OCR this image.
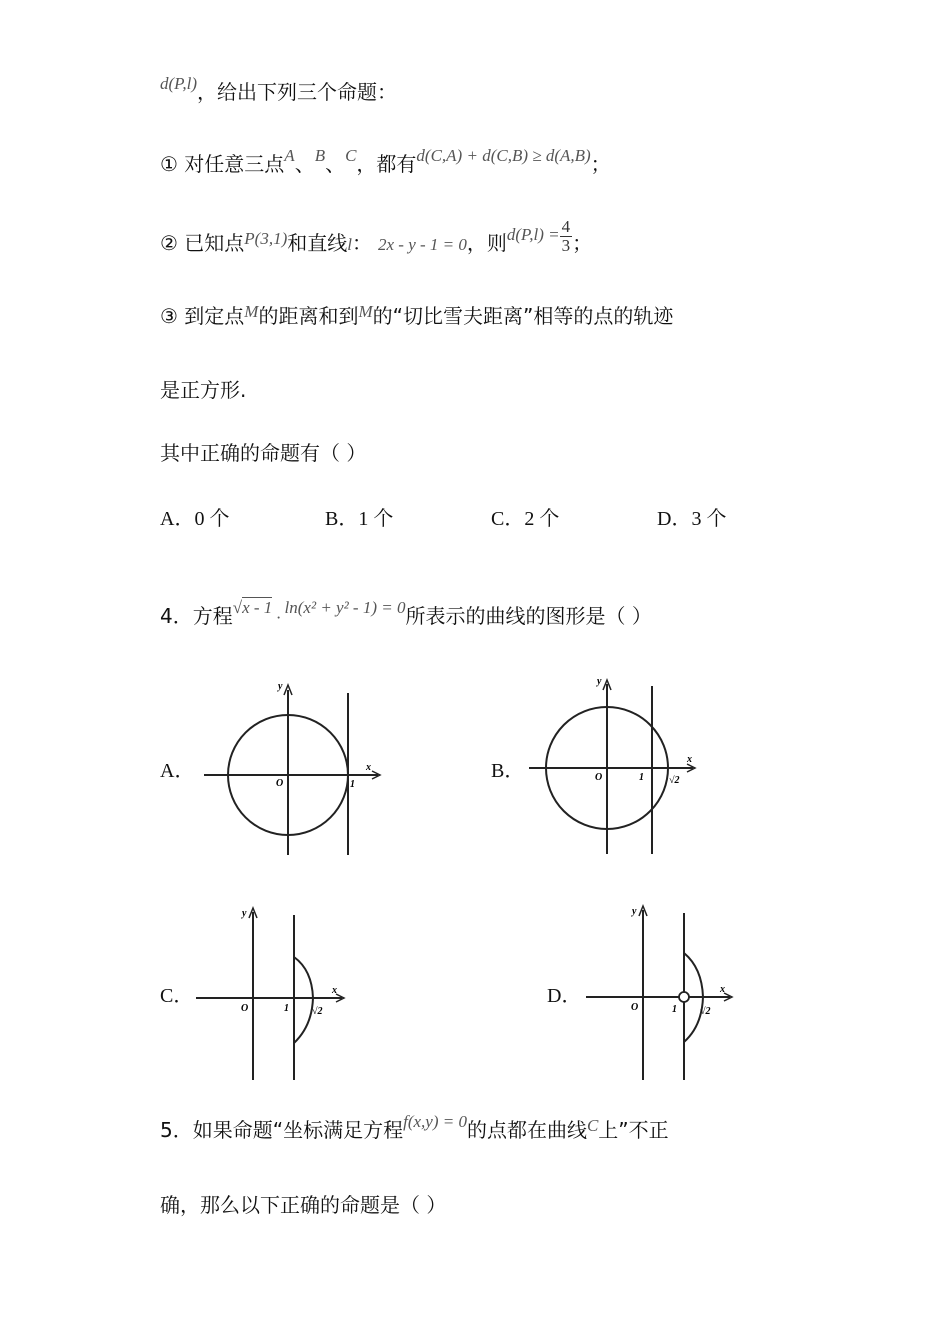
$^{d(P,l)}$，给出下列三个命题：
① 对任意三点$^A$、$^B$、$^C$，都有$^{d(C,A) + d(C,B) \ge d(A,B)}$；
② 已知点$^{P(3,1)}$和直线l： 2x - y - 1 = 0，则$^{d(P,l) =} \frac{4}{3}$ ；
③ 到定点$^M$的距离和到$^M$的“切比雪夫距离”相等的点的轨迹
是正方形.
其中正确的命题有（ ）
A．0 个	B．1 个	C．2 个	D．3 个
4．方程$^{√x - 1}$·$^{ln(x^2 + y^2 - 1) = 0}$所表示的曲线的图形是（ ）
A．	B．
C．	D．
y
x
O	1
y
x
O	1	√2
y
x
O	1 √2
y
x
O	1 √2
5．如果命题“坐标满足方程$^{f(x,y) = 0}$的点都在曲线$^C$上”不正
确，那么以下正确的命题是（ ）
